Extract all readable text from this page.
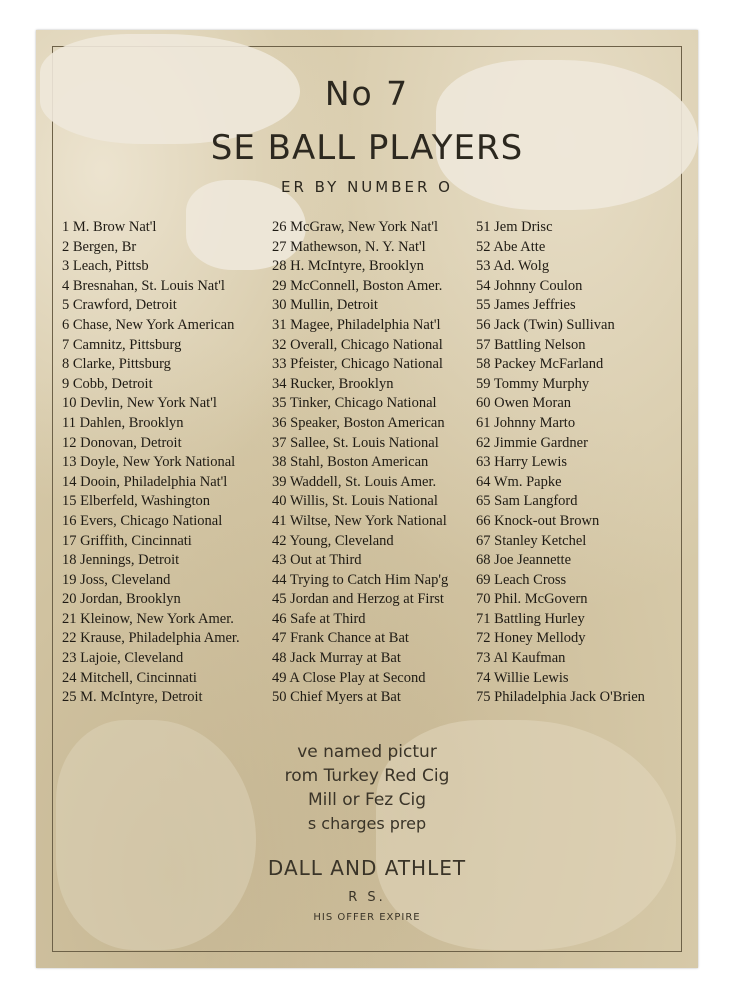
No 7
SE BALL PLAYERS
ER BY NUMBER O
1 M. Brow Nat'l
2 Bergen, Br
3 Leach, Pittsb
4 Bresnahan, St. Louis Nat'l
5 Crawford, Detroit
6 Chase, New York American
7 Camnitz, Pittsburg
8 Clarke, Pittsburg
9 Cobb, Detroit
10 Devlin, New York Nat'l
11 Dahlen, Brooklyn
12 Donovan, Detroit
13 Doyle, New York National
14 Dooin, Philadelphia Nat'l
15 Elberfeld, Washington
16 Evers, Chicago National
17 Griffith, Cincinnati
18 Jennings, Detroit
19 Joss, Cleveland
20 Jordan, Brooklyn
21 Kleinow, New York Amer.
22 Krause, Philadelphia Amer.
23 Lajoie, Cleveland
24 Mitchell, Cincinnati
25 M. McIntyre, Detroit
26 McGraw, New York Nat'l
27 Mathewson, N. Y. Nat'l
28 H. McIntyre, Brooklyn
29 McConnell, Boston Amer.
30 Mullin, Detroit
31 Magee, Philadelphia Nat'l
32 Overall, Chicago National
33 Pfeister, Chicago National
34 Rucker, Brooklyn
35 Tinker, Chicago National
36 Speaker, Boston American
37 Sallee, St. Louis National
38 Stahl, Boston American
39 Waddell, St. Louis Amer.
40 Willis, St. Louis National
41 Wiltse, New York National
42 Young, Cleveland
43 Out at Third
44 Trying to Catch Him Nap'g
45 Jordan and Herzog at First
46 Safe at Third
47 Frank Chance at Bat
48 Jack Murray at Bat
49 A Close Play at Second
50 Chief Myers at Bat
51 Jem Drisc
52 Abe Atte
53 Ad. Wolg
54 Johnny Coulon
55 James Jeffries
56 Jack (Twin) Sullivan
57 Battling Nelson
58 Packey McFarland
59 Tommy Murphy
60 Owen Moran
61 Johnny Marto
62 Jimmie Gardner
63 Harry Lewis
64 Wm. Papke
65 Sam Langford
66 Knock-out Brown
67 Stanley Ketchel
68 Joe Jeannette
69 Leach Cross
70 Phil. McGovern
71 Battling Hurley
72 Honey Mellody
73 Al Kaufman
74 Willie Lewis
75 Philadelphia Jack O'Brien
ve named pictur
rom Turkey Red Cig
Mill or Fez Cig
s charges prep
DALL AND ATHLET
R S.
HIS OFFER EXPIRE
